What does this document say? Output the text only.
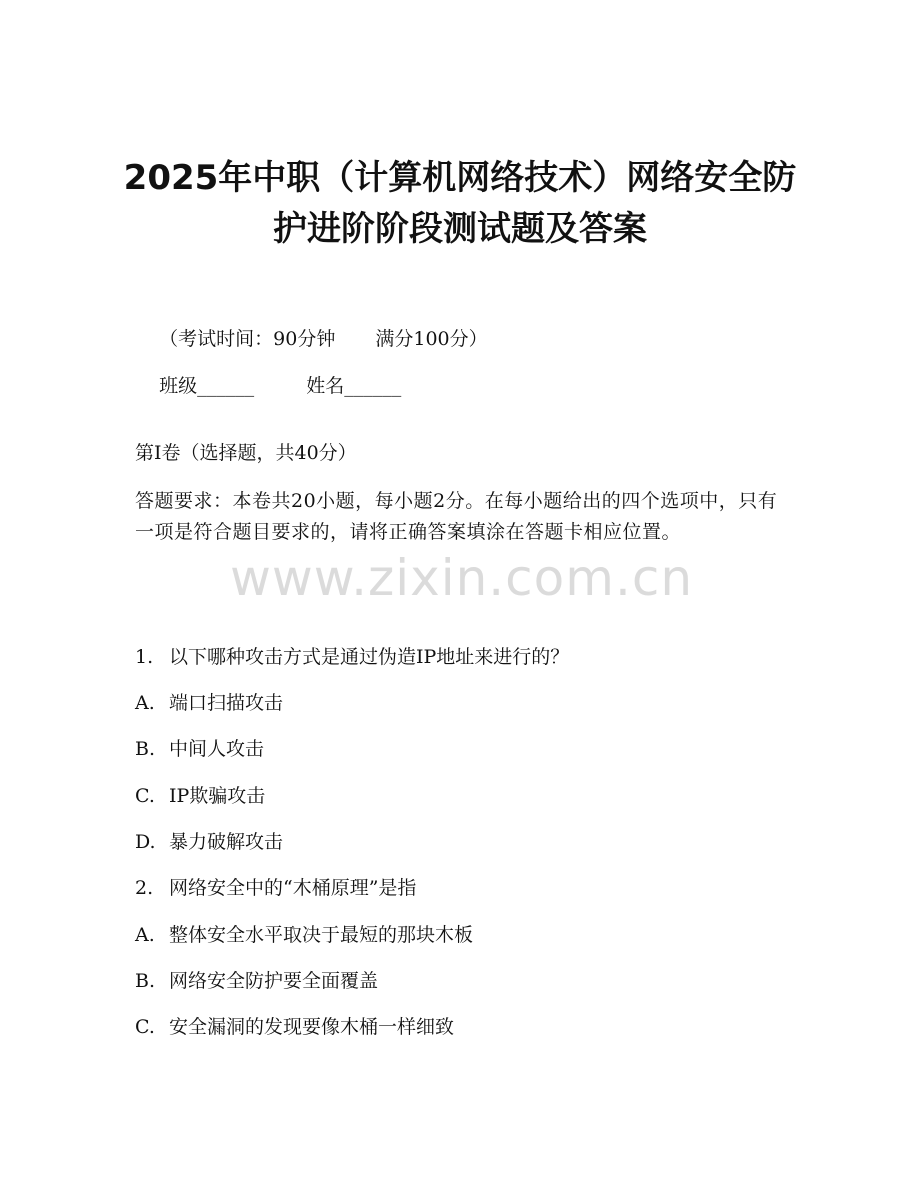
2025年中职（计算机网络技术）网络安全防
护进阶阶段测试题及答案

（考试时间：90分钟 满分100分）

班级______	姓名______

第Ⅰ卷（选择题，共40分）
答题要求：本卷共20小题，每小题2分。在每小题给出的四个选项中，只有一项是符合题目要求的，请将正确答案填涂在答题卡相应位置。
www.zixin.com.cn
1. 以下哪种攻击方式是通过伪造IP地址来进行的？
A. 端口扫描攻击
B. 中间人攻击
C. IP欺骗攻击
D. 暴力破解攻击
2. 网络安全中的“木桶原理”是指
A. 整体安全水平取决于最短的那块木板
B. 网络安全防护要全面覆盖
C. 安全漏洞的发现要像木桶一样细致
